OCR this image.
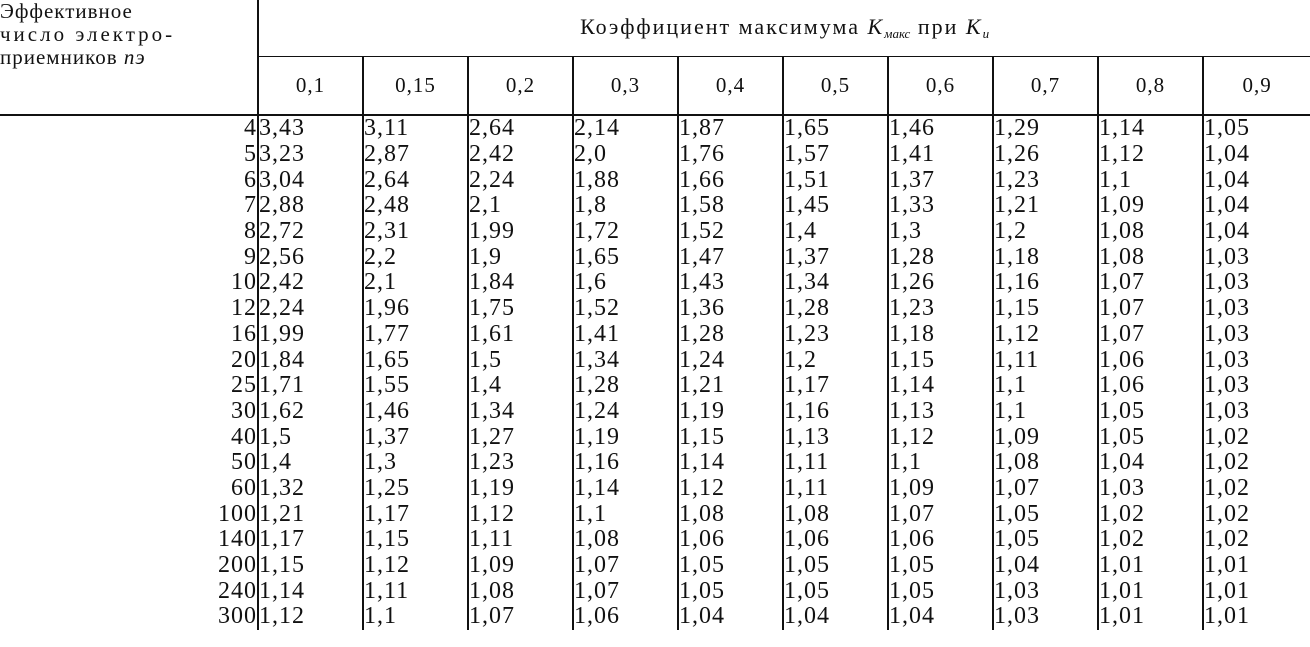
Эффективное
число электро-
приемников nэ	Коэффициент максимума $K_{макс}$ при $K_и$
	0,1	0,15	0,2	0,3	0,4	0,5	0,6	0,7	0,8	0,9
4	3,43	3,11	2,64	2,14	1,87	1,65	1,46	1,29	1,14	1,05
5	3,23	2,87	2,42	2,0	1,76	1,57	1,41	1,26	1,12	1,04
6	3,04	2,64	2,24	1,88	1,66	1,51	1,37	1,23	1,1	1,04
7	2,88	2,48	2,1	1,8	1,58	1,45	1,33	1,21	1,09	1,04
8	2,72	2,31	1,99	1,72	1,52	1,4	1,3	1,2	1,08	1,04
9	2,56	2,2	1,9	1,65	1,47	1,37	1,28	1,18	1,08	1,03
10	2,42	2,1	1,84	1,6	1,43	1,34	1,26	1,16	1,07	1,03
12	2,24	1,96	1,75	1,52	1,36	1,28	1,23	1,15	1,07	1,03
16	1,99	1,77	1,61	1,41	1,28	1,23	1,18	1,12	1,07	1,03
20	1,84	1,65	1,5	1,34	1,24	1,2	1,15	1,11	1,06	1,03
25	1,71	1,55	1,4	1,28	1,21	1,17	1,14	1,1	1,06	1,03
30	1,62	1,46	1,34	1,24	1,19	1,16	1,13	1,1	1,05	1,03
40	1,5	1,37	1,27	1,19	1,15	1,13	1,12	1,09	1,05	1,02
50	1,4	1,3	1,23	1,16	1,14	1,11	1,1	1,08	1,04	1,02
60	1,32	1,25	1,19	1,14	1,12	1,11	1,09	1,07	1,03	1,02
100	1,21	1,17	1,12	1,1	1,08	1,08	1,07	1,05	1,02	1,02
140	1,17	1,15	1,11	1,08	1,06	1,06	1,06	1,05	1,02	1,02
200	1,15	1,12	1,09	1,07	1,05	1,05	1,05	1,04	1,01	1,01
240	1,14	1,11	1,08	1,07	1,05	1,05	1,05	1,03	1,01	1,01
300	1,12	1,1	1,07	1,06	1,04	1,04	1,04	1,03	1,01	1,01
